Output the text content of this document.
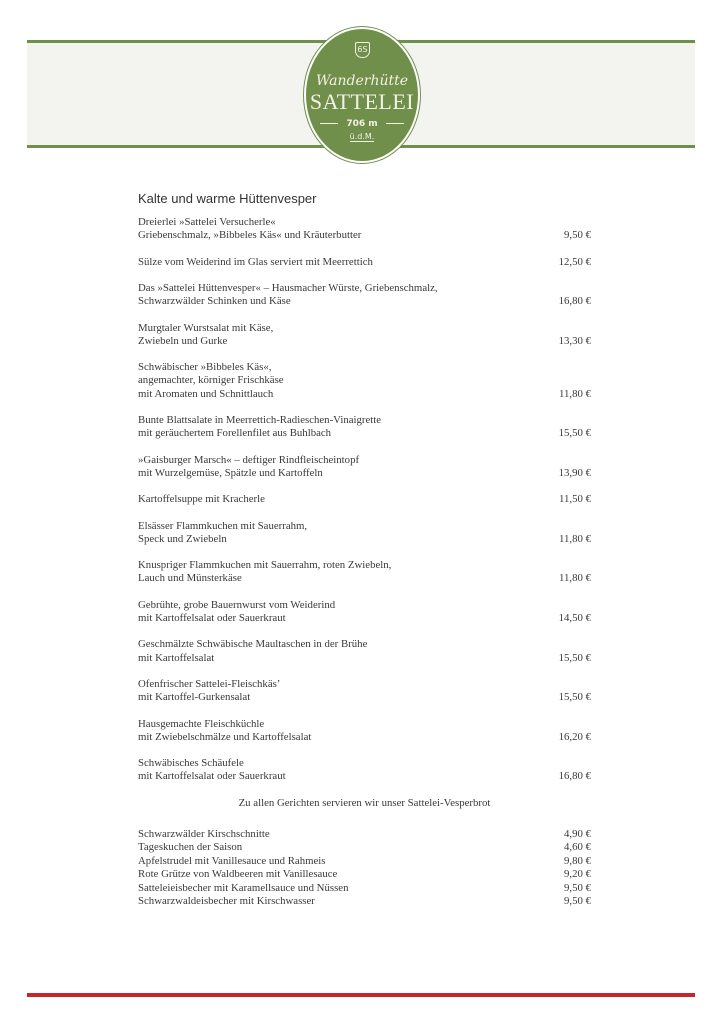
6S
Wanderhütte
SATTELEI
706 m
ü.d.M.
Kalte und warme Hüttenvesper
Dreierlei »Sattelei Versucherle«
Griebenschmalz, »Bibbeles Käs« und Kräuterbutter	9,50 €
Sülze vom Weiderind im Glas serviert mit Meerrettich	12,50 €
Das »Sattelei Hüttenvesper« – Hausmacher Würste, Griebenschmalz,
Schwarzwälder Schinken und Käse	16,80 €
Murgtaler Wurstsalat mit Käse,
Zwiebeln und Gurke	13,30 €
Schwäbischer »Bibbeles Käs«,
angemachter, körniger Frischkäse
mit Aromaten und Schnittlauch	11,80 €
Bunte Blattsalate in Meerrettich-Radieschen-Vinaigrette
mit geräuchertem Forellenfilet aus Buhlbach	15,50 €
»Gaisburger Marsch« – deftiger Rindfleischeintopf
mit Wurzelgemüse, Spätzle und Kartoffeln	13,90 €
Kartoffelsuppe mit Kracherle	11,50 €
Elsässer Flammkuchen mit Sauerrahm,
Speck und Zwiebeln	11,80 €
Knuspriger Flammkuchen mit Sauerrahm, roten Zwiebeln,
Lauch und Münsterkäse	11,80 €
Gebrühte, grobe Bauernwurst vom Weiderind
mit Kartoffelsalat oder Sauerkraut	14,50 €
Geschmälzte Schwäbische Maultaschen in der Brühe
mit Kartoffelsalat	15,50 €
Ofenfrischer Sattelei-Fleischkäs’
mit Kartoffel-Gurkensalat	15,50 €
Hausgemachte Fleischküchle
mit Zwiebelschmälze und Kartoffelsalat	16,20 €
Schwäbisches Schäufele
mit Kartoffelsalat oder Sauerkraut	16,80 €
Zu allen Gerichten servieren wir unser Sattelei-Vesperbrot
Schwarzwälder Kirschschnitte	4,90 €
Tageskuchen der Saison	4,60 €
Apfelstrudel mit Vanillesauce und Rahmeis	9,80 €
Rote Grütze von Waldbeeren mit Vanillesauce	9,20 €
Satteleieisbecher mit Karamellsauce und Nüssen	9,50 €
Schwarzwaldeisbecher mit Kirschwasser	9,50 €
